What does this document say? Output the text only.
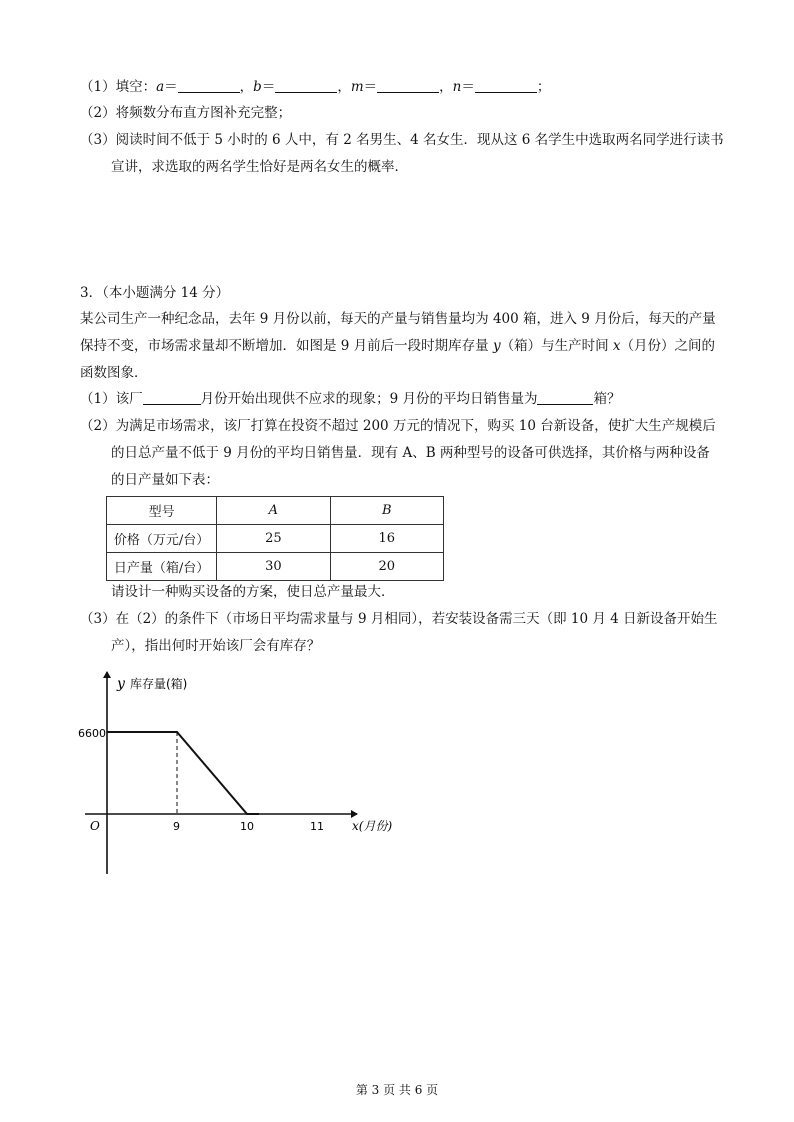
（1）填空：a＝	，b＝	，m＝	，n＝	；
（2）将频数分布直方图补充完整；
（3）阅读时间不低于 5 小时的 6 人中，有 2 名男生、4 名女生．现从这 6 名学生中选取两名同学进行读书
宣讲，求选取的两名学生恰好是两名女生的概率．
3．（本小题满分 14 分）
某公司生产一种纪念品，去年 9 月份以前，每天的产量与销售量均为 400 箱，进入 9 月份后，每天的产量
保持不变，市场需求量却不断增加．如图是 9 月前后一段时期库存量 y（箱）与生产时间 x（月份）之间的
函数图象．
（1）该厂	月份开始出现供不应求的现象；9 月份的平均日销售量为	箱？
（2）为满足市场需求，该厂打算在投资不超过 200 万元的情况下，购买 10 台新设备，使扩大生产规模后
的日总产量不低于 9 月份的平均日销售量．现有 A、B 两种型号的设备可供选择，其价格与两种设备
的日产量如下表：
型号	A	B
价格（万元/台）	25	16
日产量（箱/台）	30	20
请设计一种购买设备的方案，使日总产量最大．
（3）在（2）的条件下（市场日平均需求量与 9 月相同），若安装设备需三天（即 10 月 4 日新设备开始生
产），指出何时开始该厂会有库存？
9	10	11
y 库存量(箱)
x(月份)
O
6600
第 3 页 共 6 页
